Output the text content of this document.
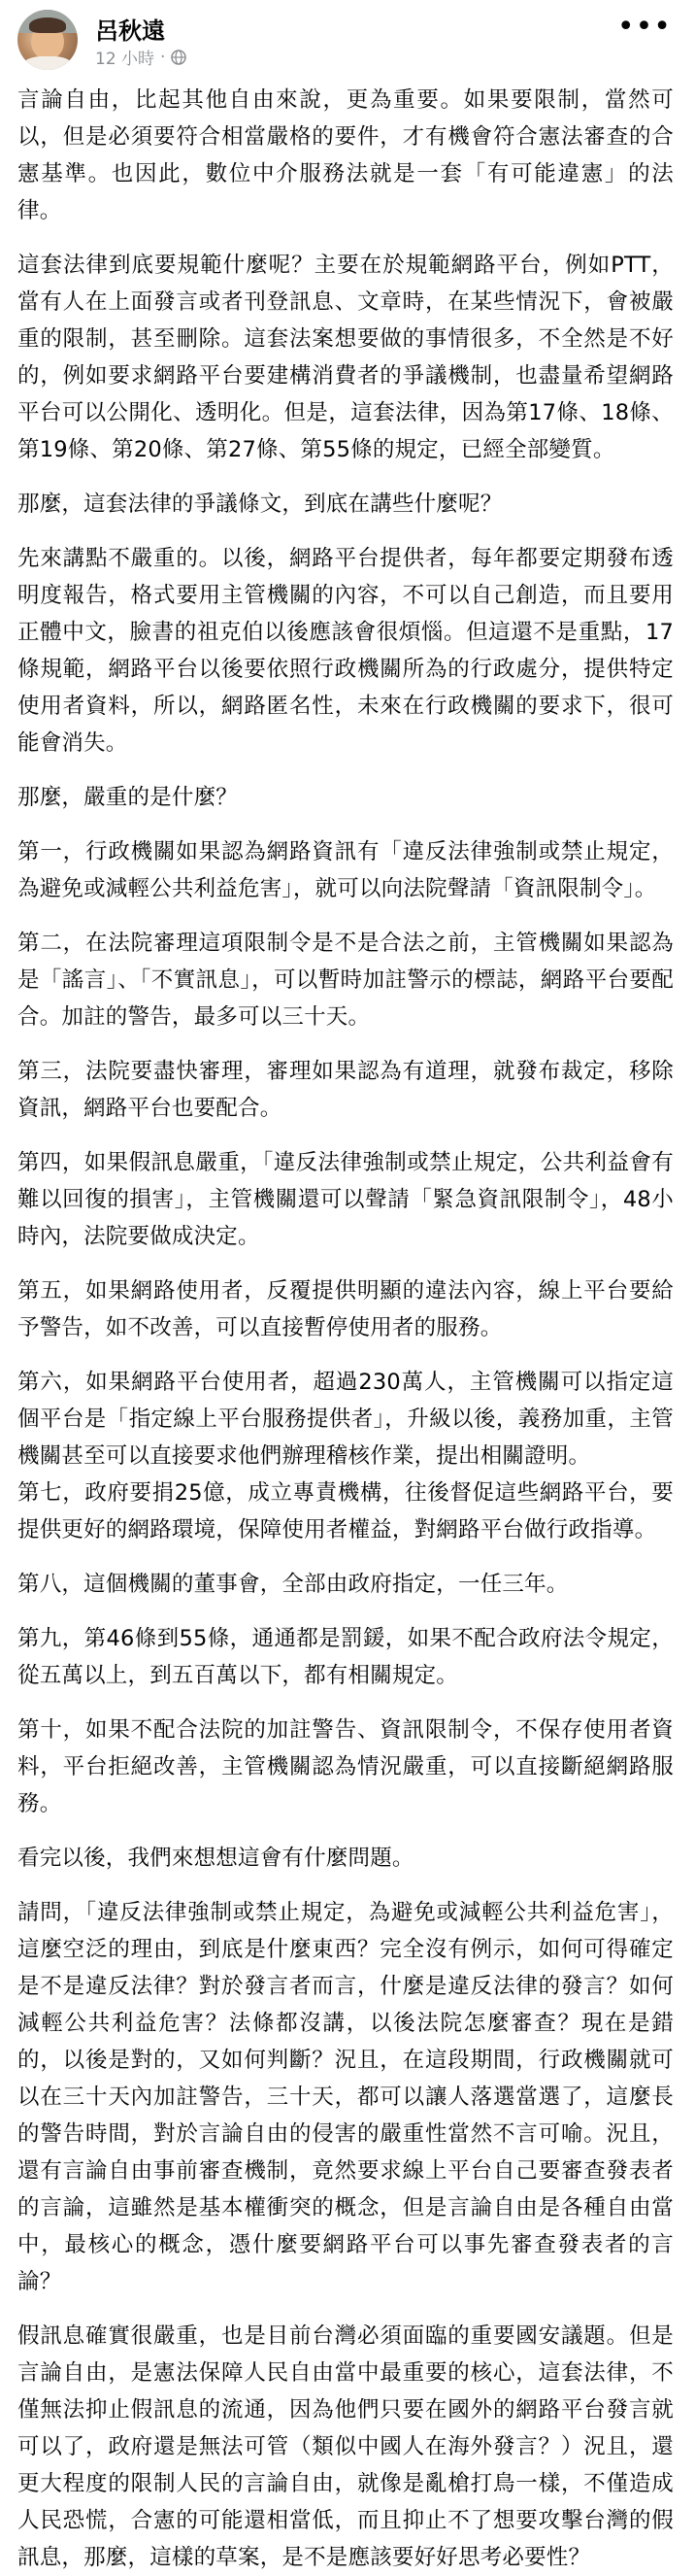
呂秋遠
12 小時 ·
•••

言論自由，比起其他自由來說，更為重要。如果要限制，當然可以，但是必須要符合相當嚴格的要件，才有機會符合憲法審查的合憲基準。也因此，數位中介服務法就是一套「有可能違憲」的法律。

這套法律到底要規範什麼呢？主要在於規範網路平台，例如PTT，當有人在上面發言或者刊登訊息、文章時，在某些情況下，會被嚴重的限制，甚至刪除。這套法案想要做的事情很多，不全然是不好的，例如要求網路平台要建構消費者的爭議機制，也盡量希望網路平台可以公開化、透明化。但是，這套法律，因為第17條、18條、第19條、第20條、第27條、第55條的規定，已經全部變質。

那麼，這套法律的爭議條文，到底在講些什麼呢？

先來講點不嚴重的。以後，網路平台提供者，每年都要定期發布透明度報告，格式要用主管機關的內容，不可以自己創造，而且要用正體中文，臉書的祖克伯以後應該會很煩惱。但這還不是重點，17條規範，網路平台以後要依照行政機關所為的行政處分，提供特定使用者資料，所以，網路匿名性，未來在行政機關的要求下，很可能會消失。

那麼，嚴重的是什麼？

第一，行政機關如果認為網路資訊有「違反法律強制或禁止規定，為避免或減輕公共利益危害」，就可以向法院聲請「資訊限制令」。

第二，在法院審理這項限制令是不是合法之前，主管機關如果認為是「謠言」、「不實訊息」，可以暫時加註警示的標誌，網路平台要配合。加註的警告，最多可以三十天。

第三，法院要盡快審理，審理如果認為有道理，就發布裁定，移除資訊，網路平台也要配合。

第四，如果假訊息嚴重，「違反法律強制或禁止規定，公共利益會有難以回復的損害」，主管機關還可以聲請「緊急資訊限制令」，48小時內，法院要做成決定。

第五，如果網路使用者，反覆提供明顯的違法內容，線上平台要給予警告，如不改善，可以直接暫停使用者的服務。

第六，如果網路平台使用者，超過230萬人，主管機關可以指定這個平台是「指定線上平台服務提供者」，升級以後，義務加重，主管機關甚至可以直接要求他們辦理稽核作業，提出相關證明。

第七，政府要捐25億，成立專責機構，往後督促這些網路平台，要提供更好的網路環境，保障使用者權益，對網路平台做行政指導。

第八，這個機關的董事會，全部由政府指定，一任三年。

第九，第46條到55條，通通都是罰鍰，如果不配合政府法令規定，從五萬以上，到五百萬以下，都有相關規定。

第十，如果不配合法院的加註警告、資訊限制令，不保存使用者資料，平台拒絕改善，主管機關認為情況嚴重，可以直接斷絕網路服務。

看完以後，我們來想想這會有什麼問題。

請問，「違反法律強制或禁止規定，為避免或減輕公共利益危害」，這麼空泛的理由，到底是什麼東西？完全沒有例示，如何可得確定是不是違反法律？對於發言者而言，什麼是違反法律的發言？如何減輕公共利益危害？法條都沒講，以後法院怎麼審查？現在是錯的，以後是對的，又如何判斷？況且，在這段期間，行政機關就可以在三十天內加註警告，三十天，都可以讓人落選當選了，這麼長的警告時間，對於言論自由的侵害的嚴重性當然不言可喻。況且，還有言論自由事前審查機制，竟然要求線上平台自己要審查發表者的言論，這雖然是基本權衝突的概念，但是言論自由是各種自由當中，最核心的概念，憑什麼要網路平台可以事先審查發表者的言論？

假訊息確實很嚴重，也是目前台灣必須面臨的重要國安議題。但是言論自由，是憲法保障人民自由當中最重要的核心，這套法律，不僅無法抑止假訊息的流通，因為他們只要在國外的網路平台發言就可以了，政府還是無法可管（類似中國人在海外發言？）況且，還更大程度的限制人民的言論自由，就像是亂槍打鳥一樣，不僅造成人民恐慌，合憲的可能還相當低，而且抑止不了想要攻擊台灣的假訊息，那麼，這樣的草案，是不是應該要好好思考必要性？
